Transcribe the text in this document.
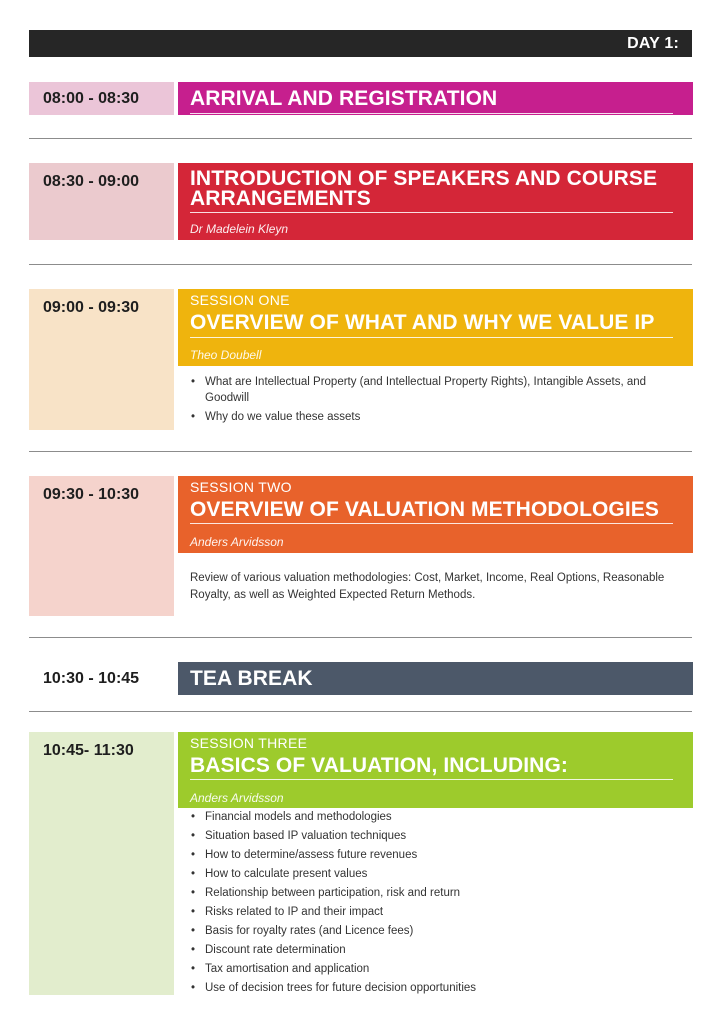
DAY 1:
08:00 - 08:30 ARRIVAL AND REGISTRATION
08:30 - 09:00 INTRODUCTION OF SPEAKERS AND COURSE ARRANGEMENTS
Dr Madelein Kleyn
09:00 - 09:30	SESSION ONE
OVERVIEW OF WHAT AND WHY WE VALUE IP
Theo Doubell
• What are Intellectual Property (and Intellectual Property Rights), Intangible Assets, and Goodwill
• Why do we value these assets
09:30 - 10:30	SESSION TWO
OVERVIEW OF VALUATION METHODOLOGIES
Anders Arvidsson
Review of various valuation methodologies: Cost, Market, Income, Real Options, Reasonable Royalty, as well as Weighted Expected Return Methods.
10:30 - 10:45 TEA BREAK
10:45- 11:30	SESSION THREE
BASICS OF VALUATION, INCLUDING:
Anders Arvidsson
• Financial models and methodologies
• Situation based IP valuation techniques
• How to determine/assess future revenues
• How to calculate present values
• Relationship between participation, risk and return
• Risks related to IP and their impact
• Basis for royalty rates (and Licence fees)
• Discount rate determination
• Tax amortisation and application
• Use of decision trees for future decision opportunities
